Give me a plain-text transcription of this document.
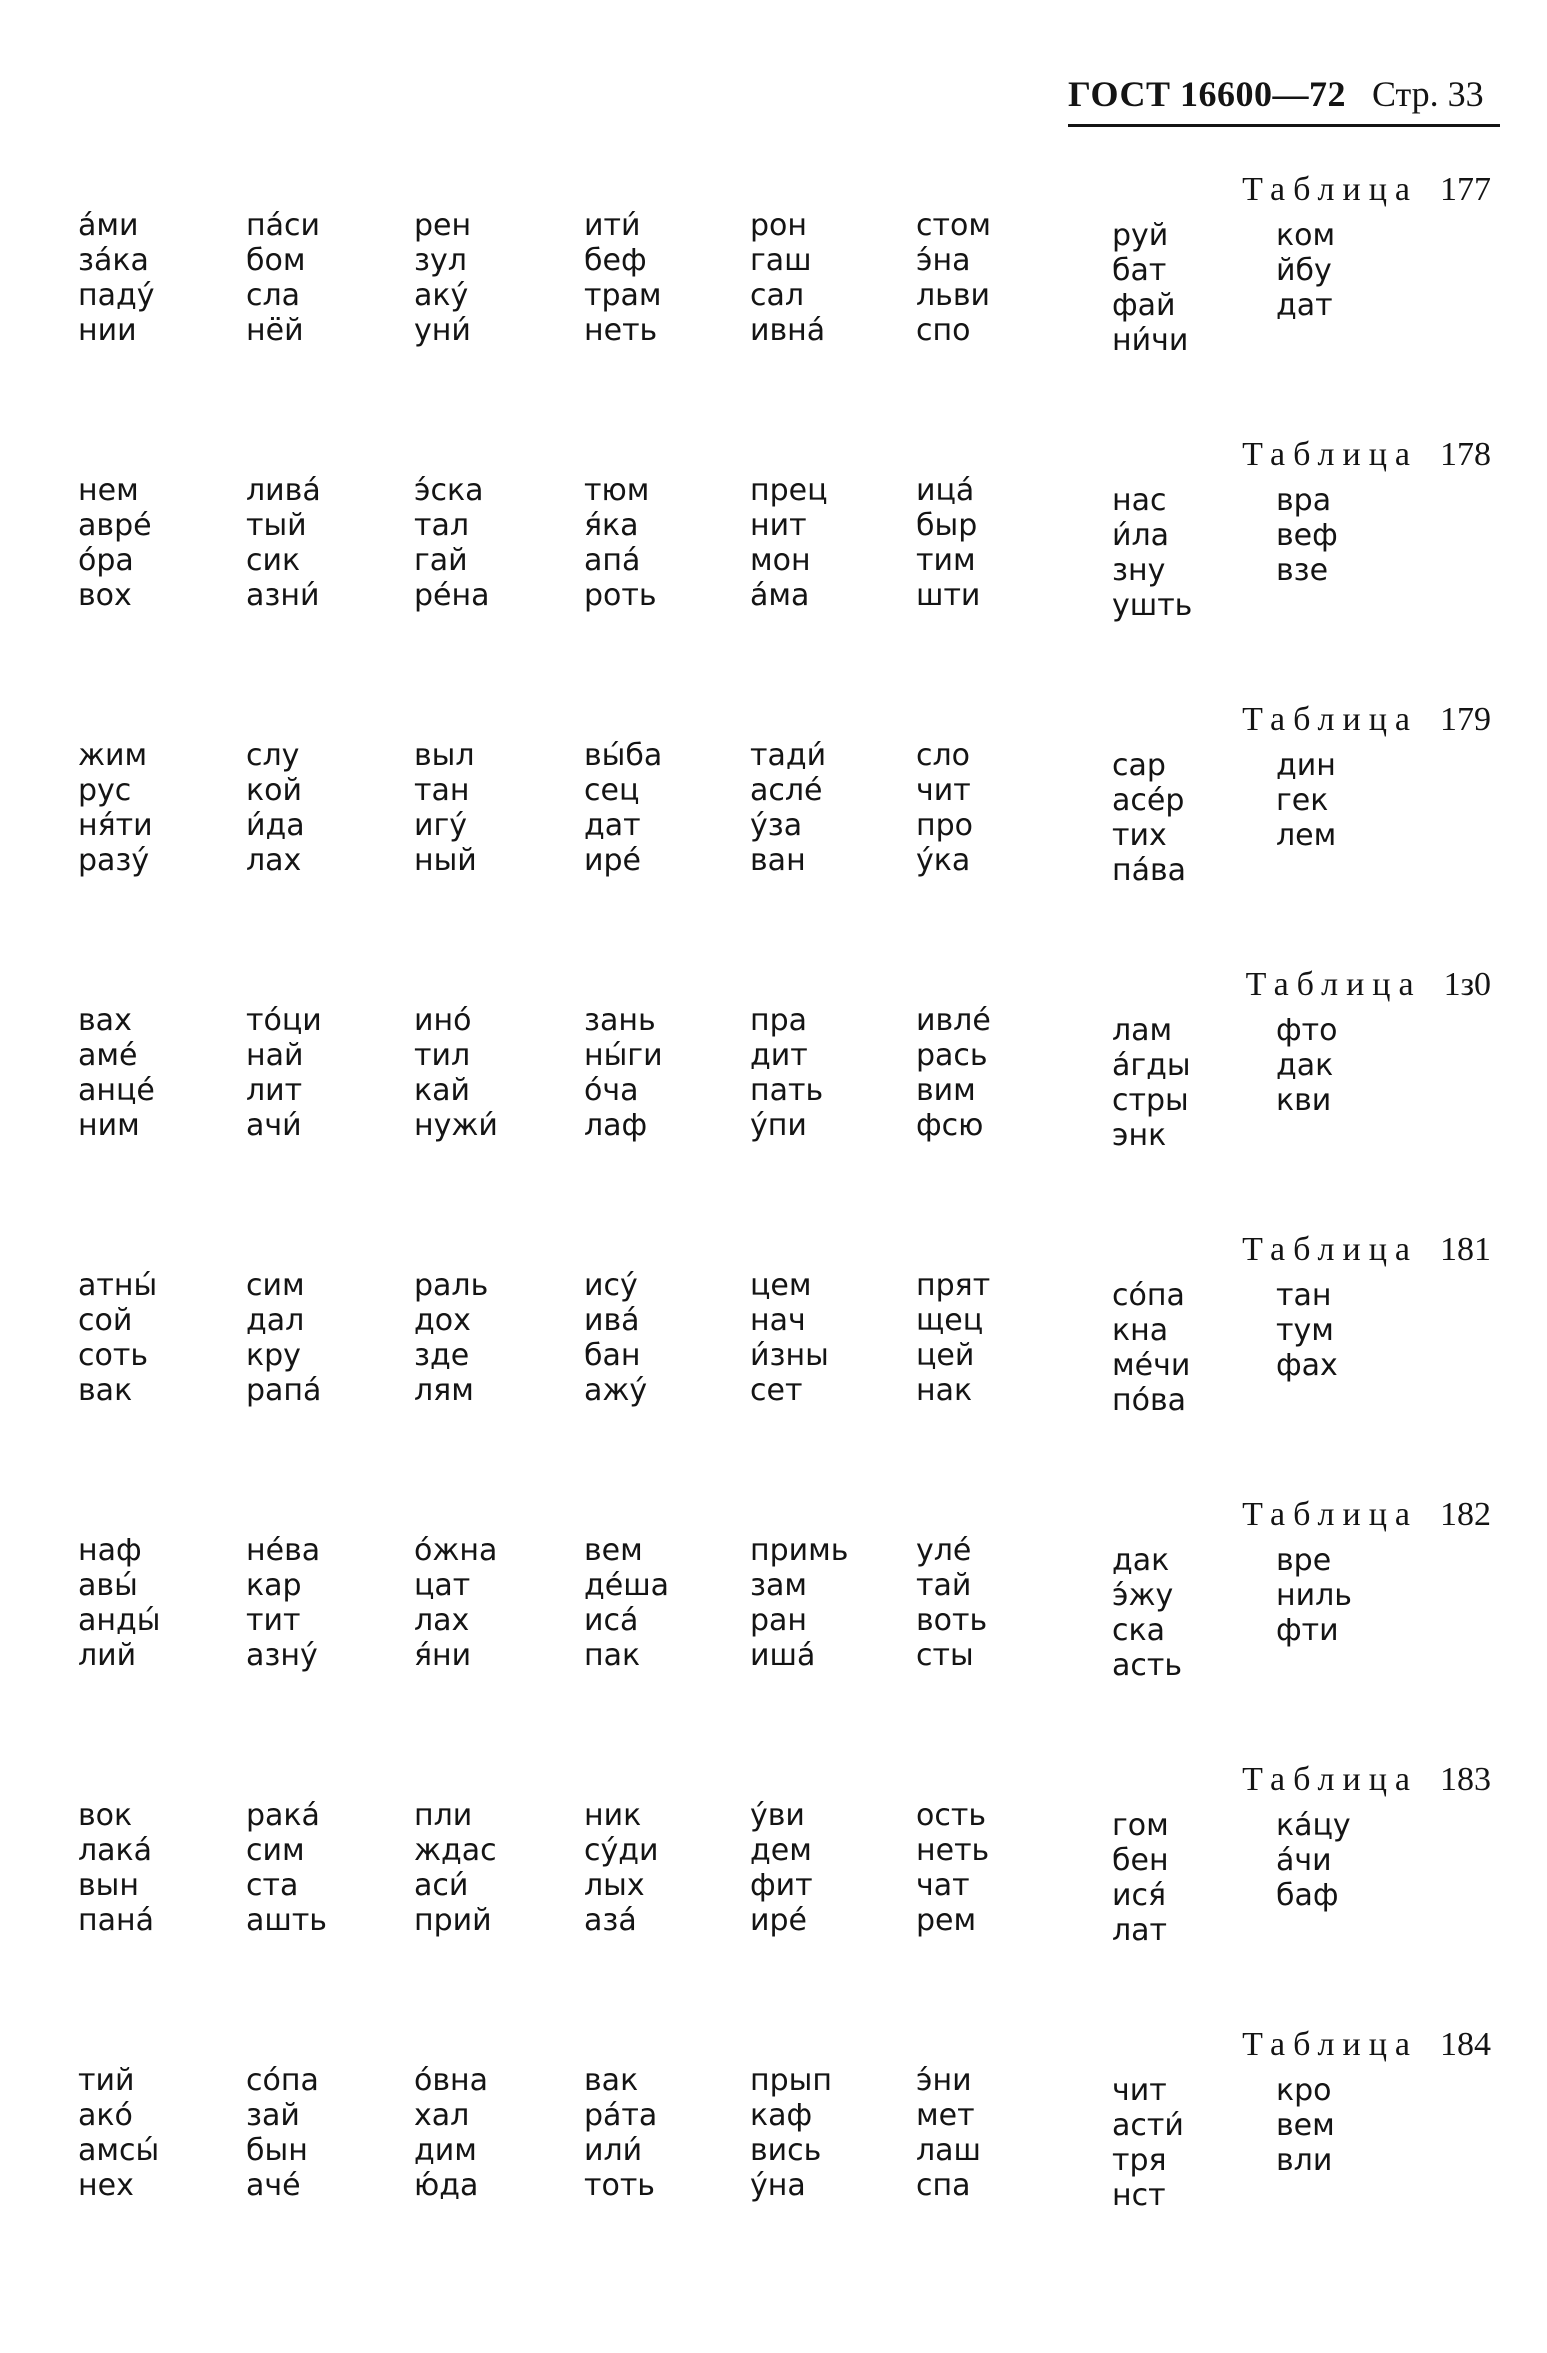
ГОСТ 16600—72 Стр. 33
Таблица 177
а́ми
за́ка
паду́
нии
па́си
бом
сла
нёй
рен
зул
аку́
уни́
ити́
беф
трам
неть
рон
гаш
сал
ивна́
стом
э́на
льви
спо
руй
бат
фай
ни́чи
ком
йбу
дат
Таблица 178
нем
авре́
о́ра
вох
лива́
тый
сик
азни́
э́ска
тал
гай
ре́на
тюм
я́ка
апа́
роть
прец
нит
мон
а́ма
ица́
быр
тим
шти
нас
и́ла
зну
ушть
вра
веф
взе
Таблица 179
жим
рус
ня́ти
разу́
слу
кой
и́да
лах
выл
тан
игу́
ный
вы́ба
сец
дат
ире́
тади́
асле́
у́за
ван
сло
чит
про
у́ка
сар
асе́р
тих
па́ва
дин
гек
лем
Таблица 1з0
вах
аме́
анце́
ним
то́ци
най
лит
ачи́
ино́
тил
кай
нужи́
зань
ны́ги
о́ча
лаф
пра
дит
пать
у́пи
ивле́
рась
вим
фсю
лам
а́гды
стры
энк
фто
дак
кви
Таблица 181
атны́
сой
соть
вак
сим
дал
кру
рапа́
раль
дох
зде
лям
ису́
ива́
бан
ажу́
цем
нач
и́зны
сет
прят
щец
цей
нак
со́па
кна
ме́чи
по́ва
тан
тум
фах
Таблица 182
наф
авы́
анды́
лий
не́ва
кар
тит
азну́
о́жна
цат
лах
я́ни
вем
де́ша
иса́
пак
примь
зам
ран
иша́
уле́
тай
воть
сты
дак
э́жу
ска
асть
вре
ниль
фти
Таблица 183
вок
лака́
вын
пана́
рака́
сим
ста
ашть
пли
ждас
аси́
прий
ник
су́ди
лых
аза́
у́ви
дем
фит
ире́
ость
неть
чат
рем
гом
бен
ися́
лат
ка́цу
а́чи
баф
Таблица 184
тий
ако́
амсы́
нех
со́па
зай
бын
аче́
о́вна
хал
дим
ю́да
вак
ра́та
или́
тоть
прып
каф
вись
у́на
э́ни
мет
лаш
спа
чит
асти́
тря
нст
кро
вем
вли
